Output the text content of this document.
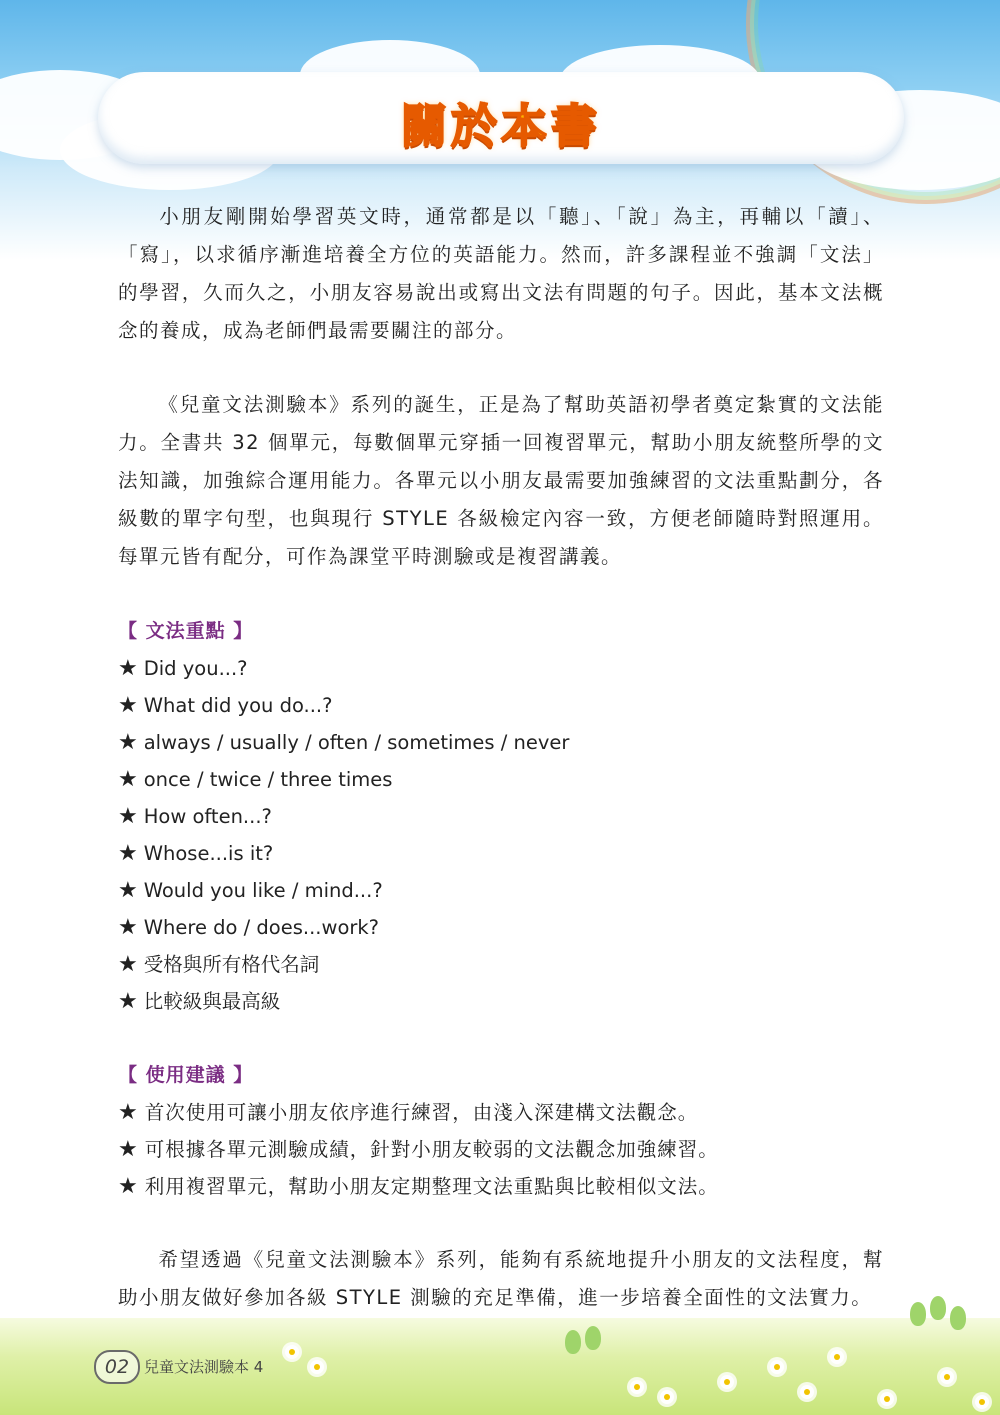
關於本書

小朋友剛開始學習英文時，通常都是以「聽」、「說」為主，再輔以「讀」、「寫」，以求循序漸進培養全方位的英語能力。然而，許多課程並不強調「文法」的學習，久而久之，小朋友容易說出或寫出文法有問題的句子。因此，基本文法概念的養成，成為老師們最需要關注的部分。

《兒童文法測驗本》系列的誕生，正是為了幫助英語初學者奠定紮實的文法能力。全書共 32 個單元，每數個單元穿插一回複習單元，幫助小朋友統整所學的文法知識，加強綜合運用能力。各單元以小朋友最需要加強練習的文法重點劃分，各級數的單字句型，也與現行 STYLE 各級檢定內容一致，方便老師隨時對照運用。每單元皆有配分，可作為課堂平時測驗或是複習講義。

【 文法重點 】

★ Did you...?
★ What did you do...?
★ always / usually / often / sometimes / never
★ once / twice / three times
★ How often...?
★ Whose...is it?
★ Would you like / mind...?
★ Where do / does...work?
★ 受格與所有格代名詞
★ 比較級與最高級

【 使用建議 】

★ 首次使用可讓小朋友依序進行練習，由淺入深建構文法觀念。
★ 可根據各單元測驗成績，針對小朋友較弱的文法觀念加強練習。
★ 利用複習單元，幫助小朋友定期整理文法重點與比較相似文法。

希望透過《兒童文法測驗本》系列，能夠有系統地提升小朋友的文法程度，幫助小朋友做好參加各級 STYLE 測驗的充足準備，進一步培養全面性的文法實力。

02 兒童文法測驗本 4
